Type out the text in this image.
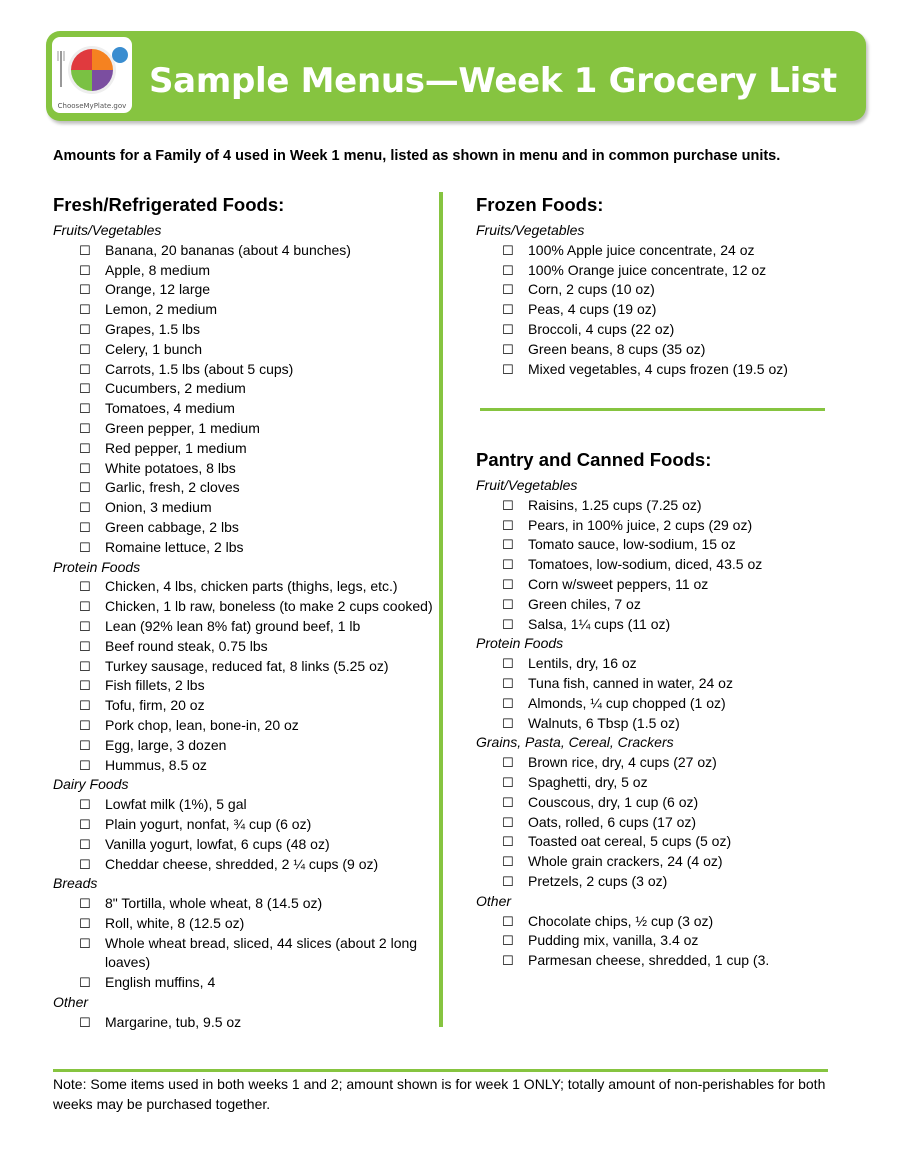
ChooseMyPlate.gov
Sample Menus—Week 1 Grocery List
Amounts for a Family of 4 used in Week 1 menu, listed as shown in menu and in common purchase units.
Fresh/Refrigerated Foods:
Fruits/Vegetables
☐	Banana, 20 bananas (about 4 bunches)
☐	Apple, 8 medium
☐	Orange, 12 large
☐	Lemon, 2 medium
☐	Grapes, 1.5 lbs
☐	Celery, 1 bunch
☐	Carrots, 1.5 lbs (about 5 cups)
☐	Cucumbers, 2 medium
☐	Tomatoes, 4 medium
☐	Green pepper, 1 medium
☐	Red pepper, 1 medium
☐	White potatoes, 8 lbs
☐	Garlic, fresh, 2 cloves
☐	Onion, 3 medium
☐	Green cabbage, 2 lbs
☐	Romaine lettuce, 2 lbs
Protein Foods
☐	Chicken, 4 lbs, chicken parts (thighs, legs, etc.)
☐	Chicken, 1 lb raw, boneless (to make 2 cups cooked)
☐	Lean (92% lean 8% fat) ground beef, 1 lb
☐	Beef round steak, 0.75 lbs
☐	Turkey sausage, reduced fat, 8 links (5.25 oz)
☐	Fish fillets, 2 lbs
☐	Tofu, firm, 20 oz
☐	Pork chop, lean, bone-in, 20 oz
☐	Egg, large, 3 dozen
☐	Hummus, 8.5 oz
Dairy Foods
☐	Lowfat milk (1%), 5 gal
☐	Plain yogurt, nonfat, ¾ cup (6 oz)
☐	Vanilla yogurt, lowfat, 6 cups (48 oz)
☐	Cheddar cheese, shredded, 2 ¼ cups (9 oz)
Breads
☐	8" Tortilla, whole wheat, 8 (14.5 oz)
☐	Roll, white, 8 (12.5 oz)
☐	Whole wheat bread, sliced, 44 slices (about 2 long loaves)
☐	English muffins, 4
Other
☐	Margarine, tub, 9.5 oz
Frozen Foods:
Fruits/Vegetables
☐	100% Apple juice concentrate, 24 oz
☐	100% Orange juice concentrate, 12 oz
☐	Corn, 2 cups (10 oz)
☐	Peas, 4 cups (19 oz)
☐	Broccoli, 4 cups (22 oz)
☐	Green beans, 8 cups (35 oz)
☐	Mixed vegetables, 4 cups frozen (19.5 oz)
Pantry and Canned Foods:
Fruit/Vegetables
☐	Raisins, 1.25 cups (7.25 oz)
☐	Pears, in 100% juice, 2 cups (29 oz)
☐	Tomato sauce, low-sodium, 15 oz
☐	Tomatoes, low-sodium, diced, 43.5 oz
☐	Corn w/sweet peppers, 11 oz
☐	Green chiles, 7 oz
☐	Salsa, 1¼ cups (11 oz)
Protein Foods
☐	Lentils, dry, 16 oz
☐	Tuna fish, canned in water, 24 oz
☐	Almonds, ¼ cup chopped (1 oz)
☐	Walnuts, 6 Tbsp (1.5 oz)
Grains, Pasta, Cereal, Crackers
☐	Brown rice, dry, 4 cups (27 oz)
☐	Spaghetti, dry, 5 oz
☐	Couscous, dry, 1 cup (6 oz)
☐	Oats, rolled, 6 cups (17 oz)
☐	Toasted oat cereal, 5 cups (5 oz)
☐	Whole grain crackers, 24 (4 oz)
☐	Pretzels, 2 cups (3 oz)
Other
☐	Chocolate chips, ½ cup (3 oz)
☐	Pudding mix, vanilla, 3.4 oz
☐	Parmesan cheese, shredded, 1 cup (3.
Note: Some items used in both weeks 1 and 2; amount shown is for week 1 ONLY; totally amount of non-perishables for both weeks may be purchased together.
